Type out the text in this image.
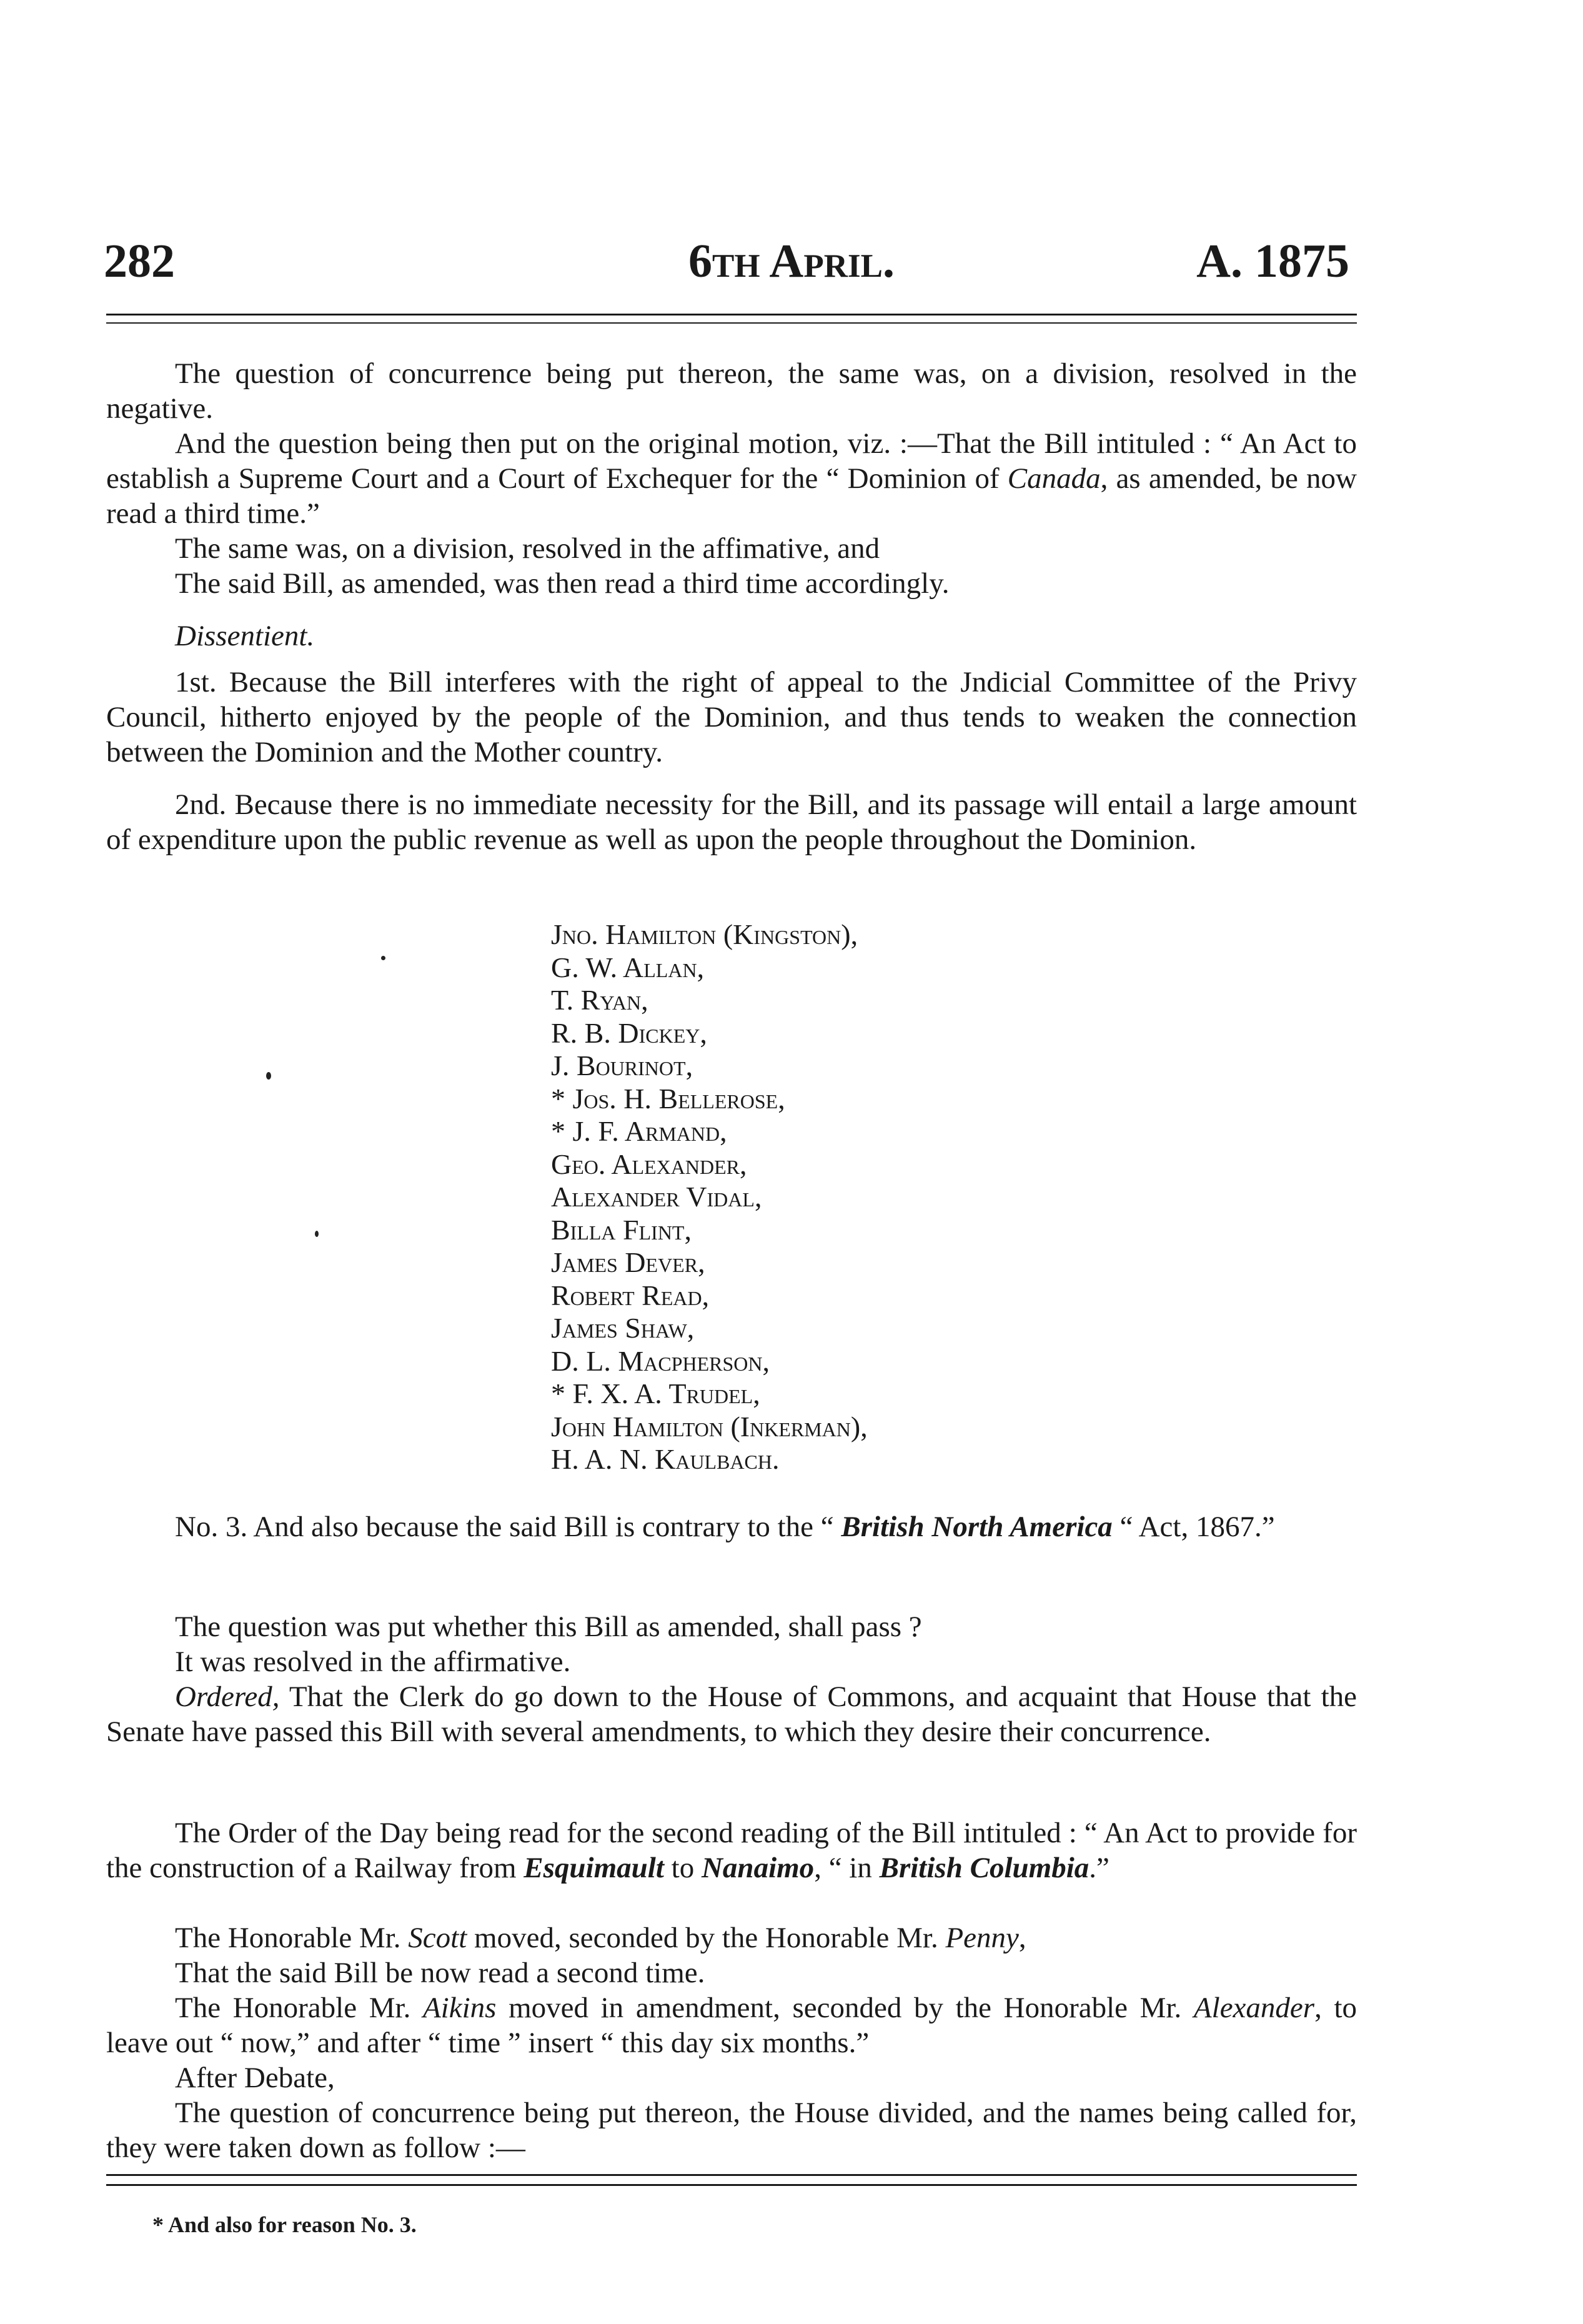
282	6th April.	A. 1875

The question of concurrence being put thereon, the same was, on a division, resolved in the negative.

And the question being then put on the original motion, viz. :—That the Bill intituled : “ An Act to establish a Supreme Court and a Court of Exchequer for the “ Dominion of Canada, as amended, be now read a third time.”

The same was, on a division, resolved in the affimative, and

The said Bill, as amended, was then read a third time accordingly.

Dissentient.

1st. Because the Bill interferes with the right of appeal to the Jndicial Committee of the Privy Council, hitherto enjoyed by the people of the Dominion, and thus tends to weaken the connection between the Dominion and the Mother country.

2nd. Because there is no immediate necessity for the Bill, and its passage will entail a large amount of expenditure upon the public revenue as well as upon the people throughout the Dominion.

Jno. Hamilton (Kingston),
G. W. Allan,
T. Ryan,
R. B. Dickey,
J. Bourinot,
* Jos. H. Bellerose,
* J. F. Armand,
Geo. Alexander,
Alexander Vidal,
Billa Flint,
James Dever,
Robert Read,
James Shaw,
D. L. Macpherson,
* F. X. A. Trudel,
John Hamilton (Inkerman),
H. A. N. Kaulbach.

No. 3. And also because the said Bill is contrary to the “ British North America “ Act, 1867.”

The question was put whether this Bill as amended, shall pass ?

It was resolved in the affirmative.

Ordered, That the Clerk do go down to the House of Commons, and acquaint that House that the Senate have passed this Bill with several amendments, to which they desire their concurrence.

The Order of the Day being read for the second reading of the Bill intituled : “ An Act to provide for the construction of a Railway from Esquimault to Nanaimo, “ in British Columbia.”

The Honorable Mr. Scott moved, seconded by the Honorable Mr. Penny,

That the said Bill be now read a second time.

The Honorable Mr. Aikins moved in amendment, seconded by the Honorable Mr. Alexander, to leave out “ now,” and after “ time ” insert “ this day six months.”

After Debate,

The question of concurrence being put thereon, the House divided, and the names being called for, they were taken down as follow :—

* And also for reason No. 3.
